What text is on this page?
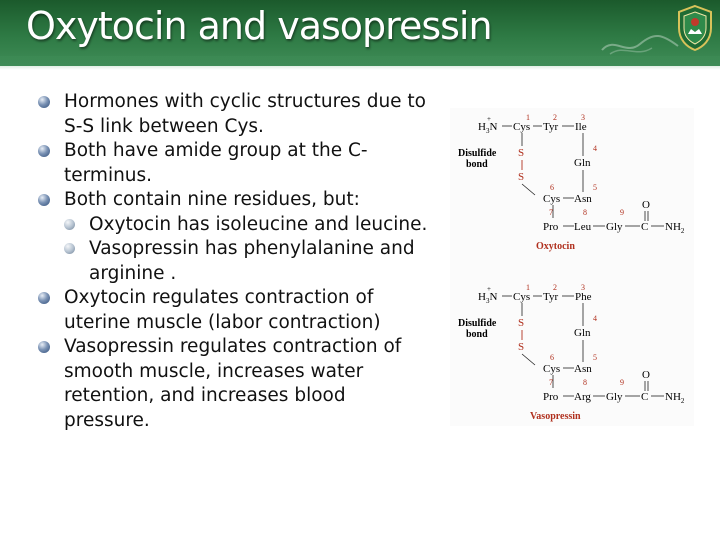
Oxytocin and vasopressin
Hormones with cyclic structures due to S-S link between Cys.
Both have amide group at the C-terminus.
Both contain nine residues, but:
Oxytocin has isoleucine and leucine.
Vasopressin has phenylalanine and arginine .
Oxytocin regulates contraction of uterine muscle (labor contraction)
Vasopressin regulates contraction of smooth muscle, increases water retention, and increases blood pressure.
+
$H_3N$
1
Cys
2
Tyr
3
Ile
S
S
Disulfide
bond
4
Gln
5
6
Cys Asn
7	8	9
Pro Leu Gly
O
C $NH_2$
Oxytocin
+
$H_3N$
1
Cys
2
Tyr
3
Phe
S
S
Disulfide
bond
4
Gln
5
6
Cys Asn
7	8	9
Pro Arg Gly
O
C $NH_2$
Vasopressin
